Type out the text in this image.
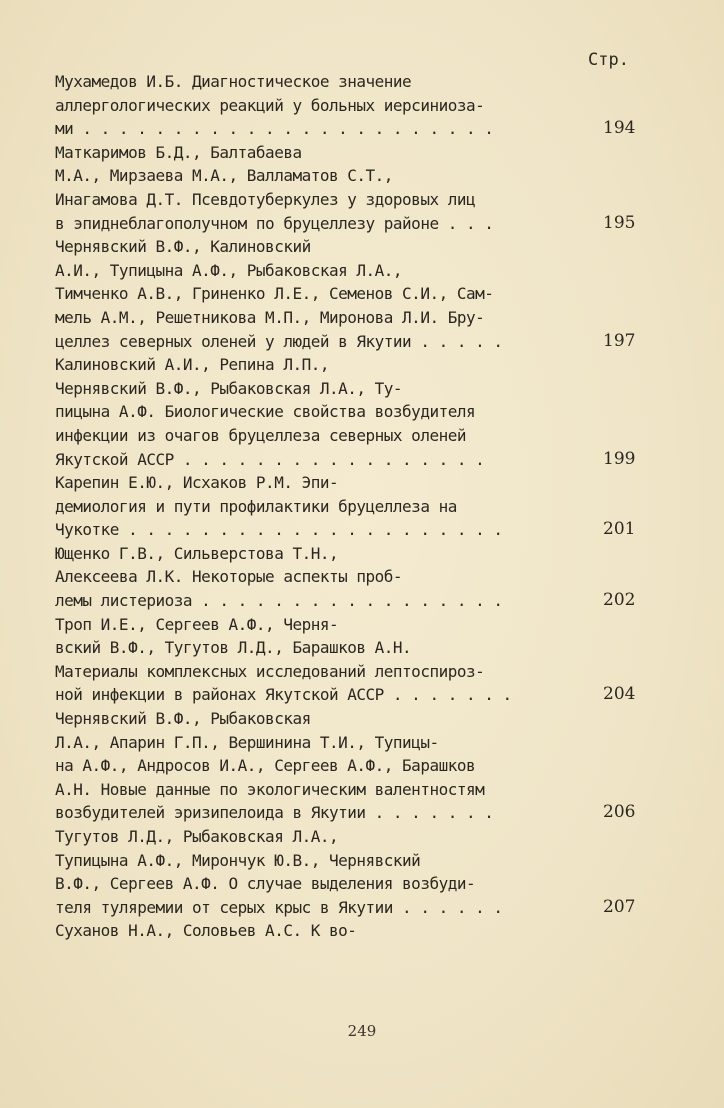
Стр.
Мухамедов И.Б. Диагностическое значение
аллергологических реакций у больных иерсиниоза-
ми . . . . . . . . . . . . . . . . . . . . . . .	194
Маткаримов Б.Д., Балтабаева
М.А., Мирзаева М.А., Валламатов С.Т.,
Инагамова Д.Т. Псевдотуберкулез у здоровых лиц
в эпиднеблагополучном по бруцеллезу районе . . .	195
Чернявский В.Ф., Калиновский
А.И., Тупицына А.Ф., Рыбаковская Л.А.,
Тимченко А.В., Гриненко Л.Е., Семенов С.И., Сам-
мель А.М., Решетникова М.П., Миронова Л.И. Бру-
целлез северных оленей у людей в Якутии . . . . .	197
Калиновский А.И., Репина Л.П.,
Чернявский В.Ф., Рыбаковская Л.А., Ту-
пицына А.Ф. Биологические свойства возбудителя
инфекции из очагов бруцеллеза северных оленей
Якутской АССР . . . . . . . . . . . . . . . . .	199
Карепин Е.Ю., Исхаков Р.М. Эпи-
демиология и пути профилактики бруцеллеза на
Чукотке . . . . . . . . . . . . . . . . . . . . .	201
Ющенко Г.В., Сильверстова Т.Н.,
Алексеева Л.К. Некоторые аспекты проб-
лемы листериоза . . . . . . . . . . . . . . . . .	202
Троп И.Е., Сергеев А.Ф., Черня-
вский В.Ф., Тугутов Л.Д., Барашков А.Н.
Материалы комплексных исследований лептоспироз-
ной инфекции в районах Якутской АССР . . . . . . .	204
Чернявский В.Ф., Рыбаковская
Л.А., Апарин Г.П., Вершинина Т.И., Тупицы-
на А.Ф., Андросов И.А., Сергеев А.Ф., Барашков
А.Н. Новые данные по экологическим валентностям
возбудителей эризипелоида в Якутии . . . . . . .	206
Тугутов Л.Д., Рыбаковская Л.А.,
Тупицына А.Ф., Мирончук Ю.В., Чернявский
В.Ф., Сергеев А.Ф. О случае выделения возбуди-
теля туляремии от серых крыс в Якутии . . . . . .	207
Суханов Н.А., Соловьев А.С. К во-
249
